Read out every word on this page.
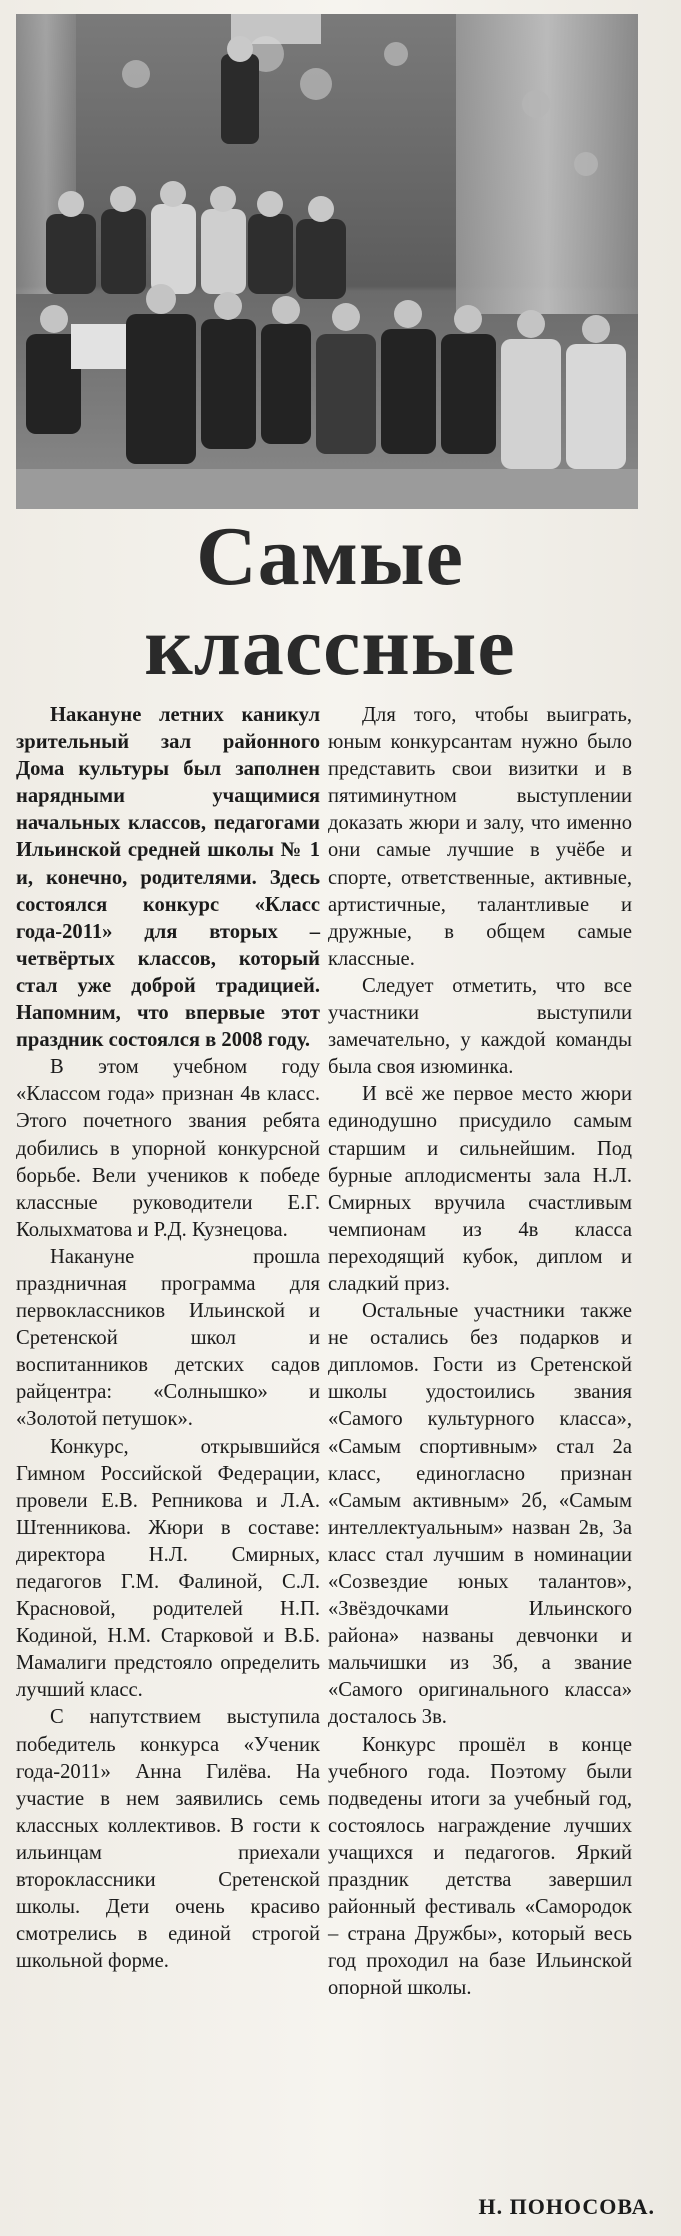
Самые
классные

Накануне летних каникул зрительный зал районного Дома культуры был заполнен нарядными учащимися начальных классов, педагогами Ильинской средней школы № 1 и, конечно, родителями. Здесь состоялся конкурс «Класс года-2011» для вторых – четвёртых классов, который стал уже доброй традицией. Напомним, что впервые этот праздник состоялся в 2008 году.

В этом учебном году «Классом года» признан 4в класс. Этого почетного звания ребята добились в упорной конкурсной борьбе. Вели учеников к победе классные руководители Е.Г. Колыхматова и Р.Д. Кузнецова.

Накануне прошла праздничная программа для первоклассников Ильинской и Сретенской школ и воспитанников детских садов райцентра: «Солнышко» и «Золотой петушок».

Конкурс, открывшийся Гимном Российской Федерации, провели Е.В. Репникова и Л.А. Штенникова. Жюри в составе: директора Н.Л. Смирных, педагогов Г.М. Фалиной, С.Л. Красновой, родителей Н.П. Кодиной, Н.М. Старковой и В.Б. Мамалиги предстояло определить лучший класс.

С напутствием выступила победитель конкурса «Ученик года-2011» Анна Гилёва. На участие в нем заявились семь классных коллективов. В гости к ильинцам приехали второклассники Сретенской школы. Дети очень красиво смотрелись в единой строгой школьной форме.

Для того, чтобы выиграть, юным конкурсантам нужно было представить свои визитки и в пятиминутном выступлении доказать жюри и залу, что именно они самые лучшие в учёбе и спорте, ответственные, активные, артистичные, талантливые и дружные, в общем самые классные.

Следует отметить, что все участники выступили замечательно, у каждой команды была своя изюминка.

И всё же первое место жюри единодушно присудило самым старшим и сильнейшим. Под бурные аплодисменты зала Н.Л. Смирных вручила счастливым чемпионам из 4в класса переходящий кубок, диплом и сладкий приз.

Остальные участники также не остались без подарков и дипломов. Гости из Сретенской школы удостоились звания «Самого культурного класса», «Самым спортивным» стал 2а класс, единогласно признан «Самым активным» 2б, «Самым интеллектуальным» назван 2в, 3а класс стал лучшим в номинации «Созвездие юных талантов», «Звёздочками Ильинского района» названы девчонки и мальчишки из 3б, а звание «Самого оригинального класса» досталось 3в.

Конкурс прошёл в конце учебного года. Поэтому были подведены итоги за учебный год, состоялось награждение лучших учащихся и педагогов. Яркий праздник детства завершил районный фестиваль «Самородок – страна Дружбы», который весь год проходил на базе Ильинской опорной школы.

Н. ПОНОСОВА.
